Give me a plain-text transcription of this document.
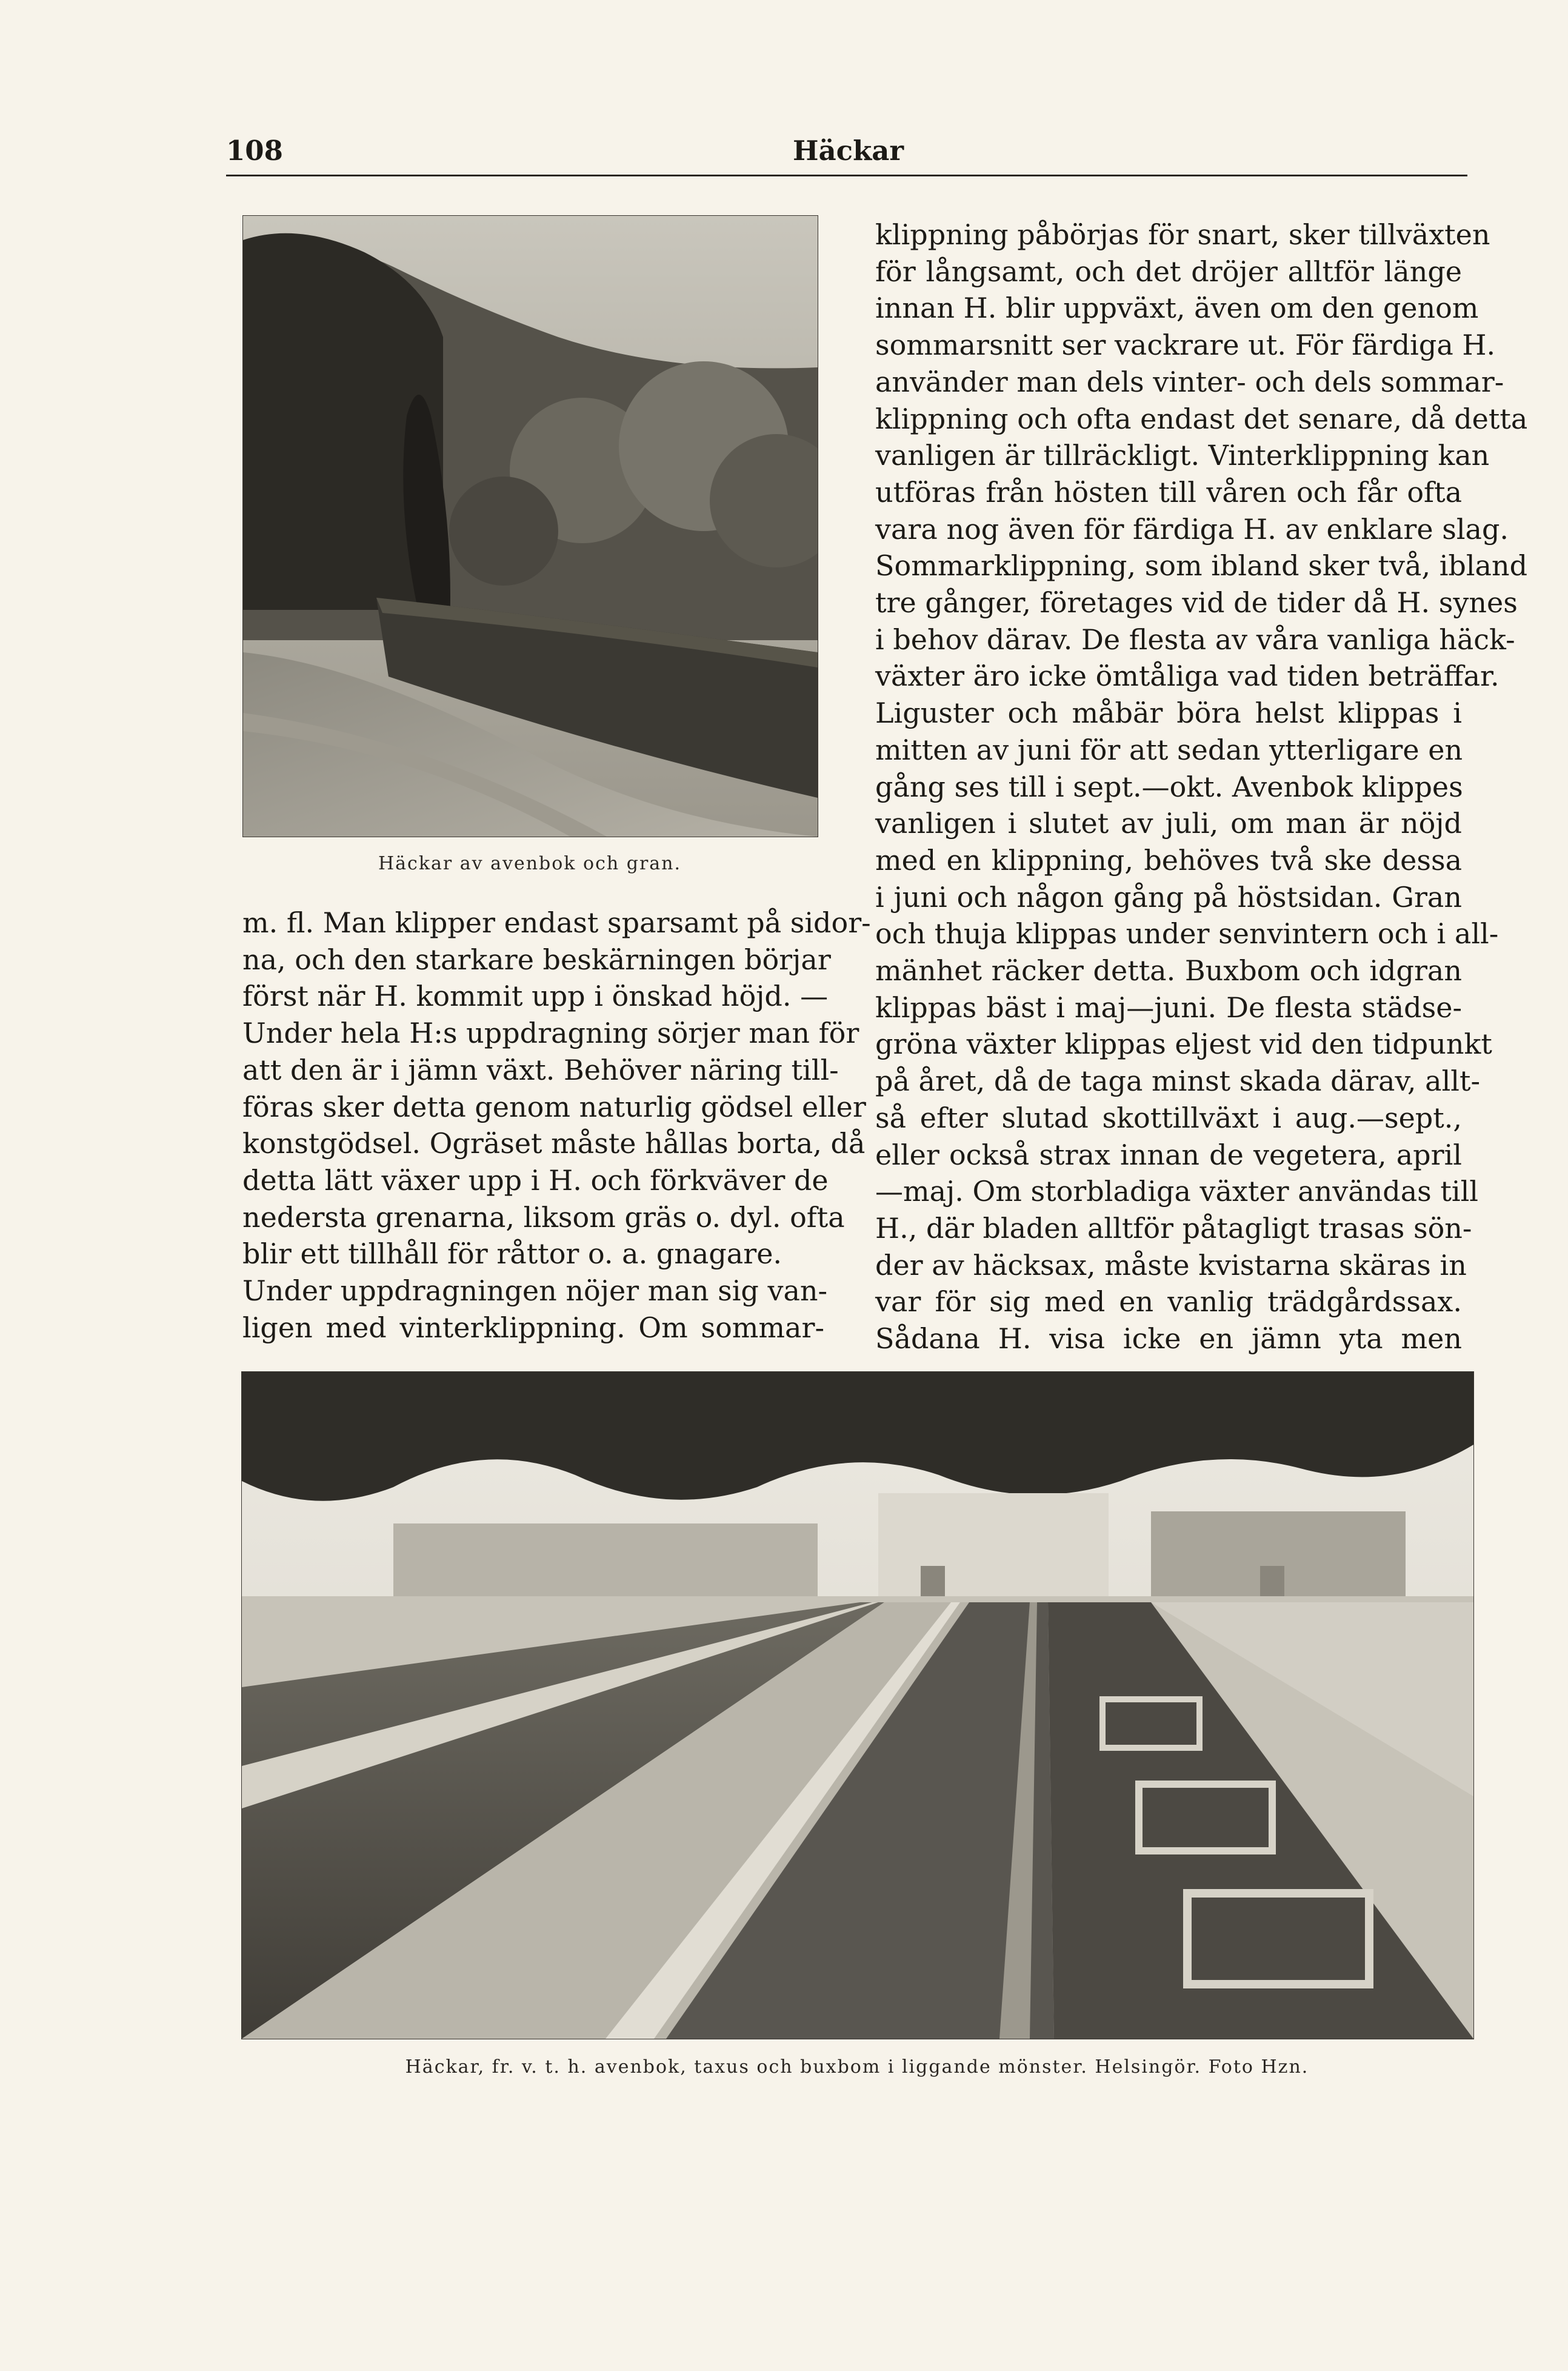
108	Häckar
Häckar av avenbok och gran.
m. fl. Man klipper endast sparsamt på sidor-
na, och den starkare beskärningen börjar
först när H. kommit upp i önskad höjd. —
Under hela H:s uppdragning sörjer man för
att den är i jämn växt. Behöver näring till-
föras sker detta genom naturlig gödsel eller
konstgödsel. Ogräset måste hållas borta, då
detta lätt växer upp i H. och förkväver de
nedersta grenarna, liksom gräs o. dyl. ofta
blir ett tillhåll för råttor o. a. gnagare.
Under uppdragningen nöjer man sig van-
ligen med vinterklippning. Om sommar-
klippning påbörjas för snart, sker tillväxten
för långsamt, och det dröjer alltför länge
innan H. blir uppväxt, även om den genom
sommarsnitt ser vackrare ut. För färdiga H.
använder man dels vinter- och dels sommar-
klippning och ofta endast det senare, då detta
vanligen är tillräckligt. Vinterklippning kan
utföras från hösten till våren och får ofta
vara nog även för färdiga H. av enklare slag.
Sommarklippning, som ibland sker två, ibland
tre gånger, företages vid de tider då H. synes
i behov därav. De flesta av våra vanliga häck-
växter äro icke ömtåliga vad tiden beträffar.
Liguster och måbär böra helst klippas i
mitten av juni för att sedan ytterligare en
gång ses till i sept.—okt. Avenbok klippes
vanligen i slutet av juli, om man är nöjd
med en klippning, behöves två ske dessa
i juni och någon gång på höstsidan. Gran
och thuja klippas under senvintern och i all-
mänhet räcker detta. Buxbom och idgran
klippas bäst i maj—juni. De flesta städse-
gröna växter klippas eljest vid den tidpunkt
på året, då de taga minst skada därav, allt-
så efter slutad skottillväxt i aug.—sept.,
eller också strax innan de vegetera, april
—maj. Om storbladiga växter användas till
H., där bladen alltför påtagligt trasas sön-
der av häcksax, måste kvistarna skäras in
var för sig med en vanlig trädgårdssax.
Sådana H. visa icke en jämn yta men
Häckar, fr. v. t. h. avenbok, taxus och buxbom i liggande mönster. Helsingör. Foto Hzn.
